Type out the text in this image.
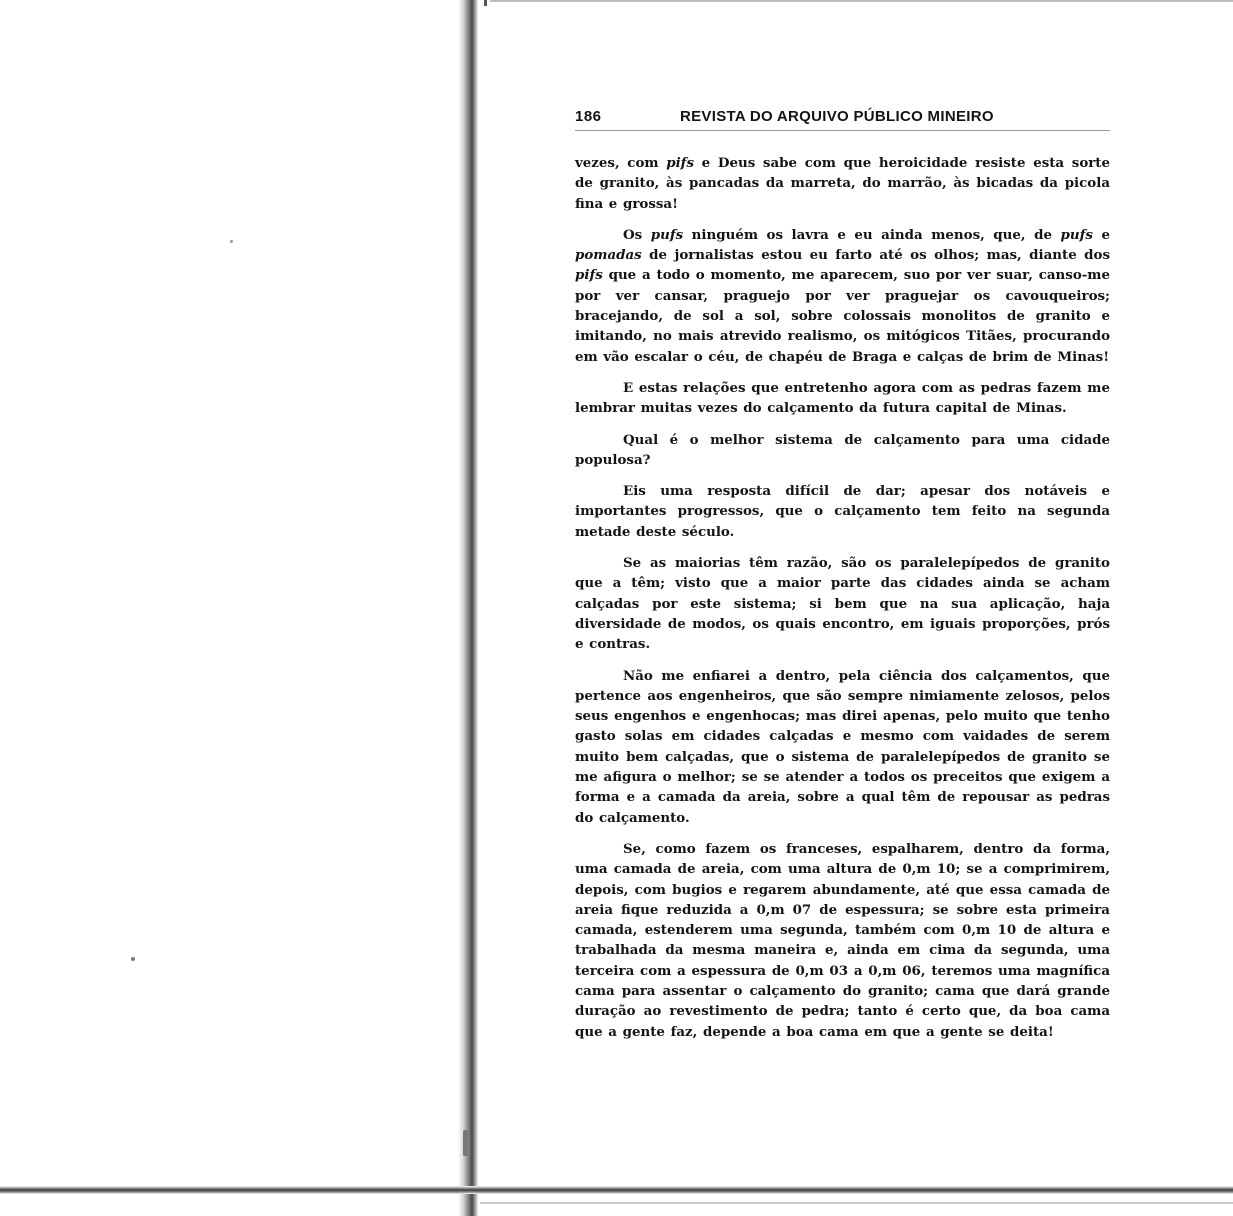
186	REVISTA DO ARQUIVO PÚBLICO MINEIRO

vezes, com pifs e Deus sabe com que heroicidade resiste esta sorte de granito, às pancadas da marreta, do marrão, às bicadas da picola fina e grossa!

Os pufs ninguém os lavra e eu ainda menos, que, de pufs e pomadas de jornalistas estou eu farto até os olhos; mas, diante dos pifs que a todo o momento, me aparecem, suo por ver suar, canso-me por ver cansar, praguejo por ver praguejar os cavouqueiros; bracejando, de sol a sol, sobre colossais monolitos de granito e imitando, no mais atrevido realismo, os mitógicos Titães, procurando em vão escalar o céu, de chapéu de Braga e calças de brim de Minas!

E estas relações que entretenho agora com as pedras fazem me lembrar muitas vezes do calçamento da futura capital de Minas.

Qual é o melhor sistema de calçamento para uma cidade populosa?

Eis uma resposta difícil de dar; apesar dos notáveis e importantes progressos, que o calçamento tem feito na segunda metade deste século.

Se as maiorias têm razão, são os paralelepípedos de granito que a têm; visto que a maior parte das cidades ainda se acham calçadas por este sistema; si bem que na sua aplicação, haja diversidade de modos, os quais encontro, em iguais proporções, prós e contras.

Não me enfiarei a dentro, pela ciência dos calçamentos, que pertence aos engenheiros, que são sempre nimiamente zelosos, pelos seus engenhos e engenhocas; mas direi apenas, pelo muito que tenho gasto solas em cidades calçadas e mesmo com vaidades de serem muito bem calçadas, que o sistema de paralelepípedos de granito se me afigura o melhor; se se atender a todos os preceitos que exigem a forma e a camada da areia, sobre a qual têm de repousar as pedras do calçamento.

Se, como fazem os franceses, espalharem, dentro da forma, uma camada de areia, com uma altura de 0,m 10; se a comprimirem, depois, com bugios e regarem abundamente, até que essa camada de areia fique reduzida a 0,m 07 de espessura; se sobre esta primeira camada, estenderem uma segunda, também com 0,m 10 de altura e trabalhada da mesma maneira e, ainda em cima da segunda, uma terceira com a espessura de 0,m 03 a 0,m 06, teremos uma magnífica cama para assentar o calçamento do granito; cama que dará grande duração ao revestimento de pedra; tanto é certo que, da boa cama que a gente faz, depende a boa cama em que a gente se deita!
